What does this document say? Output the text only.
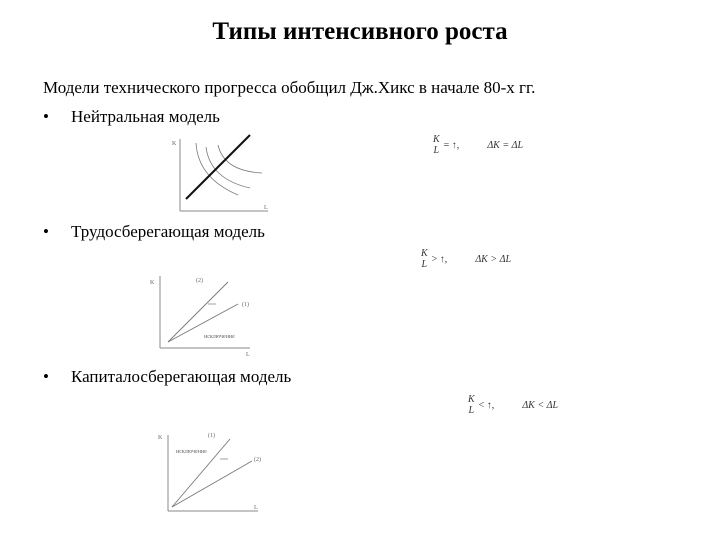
Типы интенсивного роста
Модели технического прогресса обобщил Дж.Хикс в начале 80-х гг.
• Нейтральная модель
K
L
K
L = ↑,	ΔK = ΔL
• Трудосберегающая модель
K
L
(2)
(1)
исключение
K
L > ↑,	ΔK > ΔL
• Капиталосберегающая модель
K
L
(1)
(2)
исключение
K
L < ↑,	ΔK < ΔL
